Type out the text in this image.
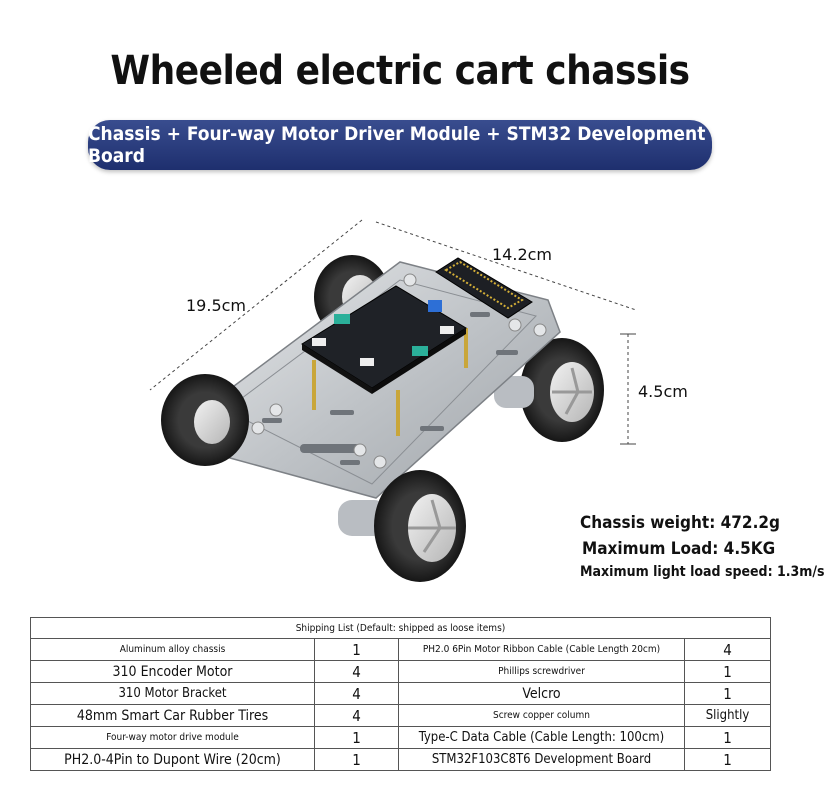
Wheeled electric cart chassis
Chassis + Four-way Motor Driver Module + STM32 Development Board
19.5cm
14.2cm
4.5cm
Chassis weight: 472.2g
Maximum Load: 4.5KG
Maximum light load speed: 1.3m/s
Shipping List (Default: shipped as loose items)			
Aluminum alloy chassis	1	PH2.0 6Pin Motor Ribbon Cable (Cable Length 20cm)	4
310 Encoder Motor	4	Phillips screwdriver	1
310 Motor Bracket	4	Velcro	1
48mm Smart Car Rubber Tires	4	Screw copper column	Slightly
Four-way motor drive module	1	Type-C Data Cable (Cable Length: 100cm)	1
PH2.0-4Pin to Dupont Wire (20cm)	1	STM32F103C8T6 Development Board	1
